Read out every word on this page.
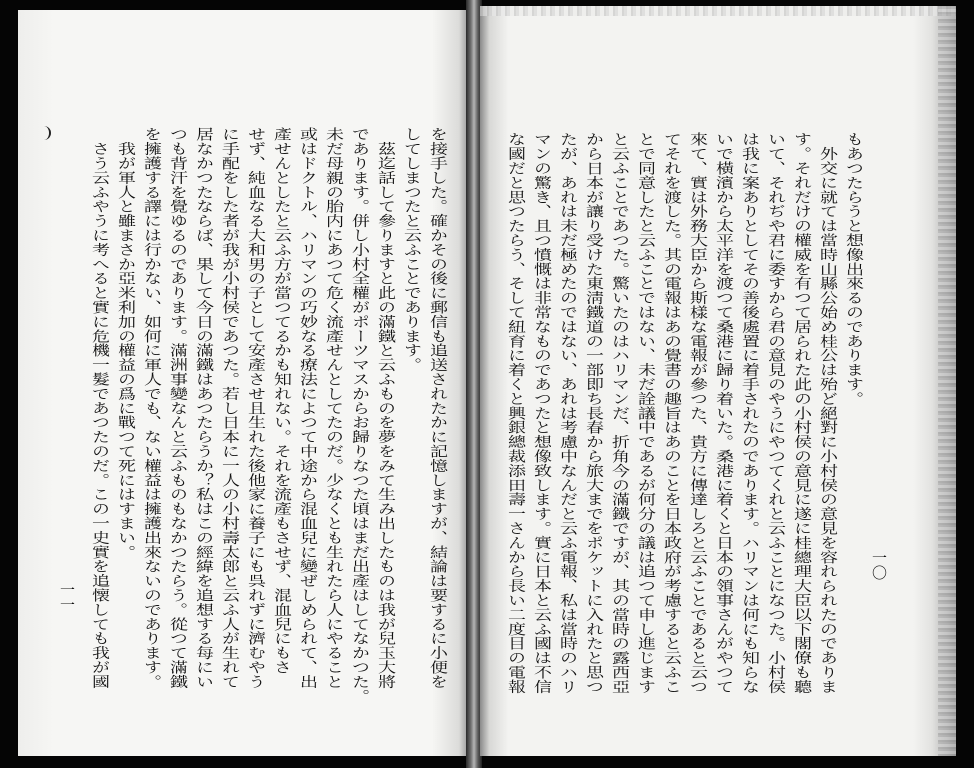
を接手した。確かその後に郵信も追送されたかに記憶しますが、結論は要するに小便を
してしまつたと云ふことであります。
茲迄話して參りますと此の滿鐵と云ふものを夢をみて生み出したものは我が兒玉大將
であります。併し小村全權がポーツマスからお歸りなつた頃はまだ出產はしてなかつた。
未だ母親の胎内にあつて危く流產せんとしてたのだ。少なくとも生れたら人にやること
或はドクトル、ハリマンの巧妙なる療法によつて中途から混血兒に變ぜしめられて、出
產せんとしたと云ふ方が當つてるかも知れない。それを流產もさせず、混血兒にもさ
せず、純血なる大和男の子として安產させ且生れた後他家に養子にも呉れずに濟むやう
に手配をした者が我が小村侯であつた。若し日本に一人の小村壽太郎と云ふ人が生れて
居なかつたならば、果して今日の滿鐵はあつたらうか？私はこの經緯を追想する每にい
つも背汗を覺ゆるのであります。滿洲事變なんと云ふものもなかつたらう。從つて滿鐵
を擁護する譯には行かない、如何に軍人でも、ない權益は擁護出來ないのであります。
我が軍人と雖まさか亞米利加の權益の爲に戰つて死にはすまい。
さう云ふやうに考へると實に危機一髮であつたのだ。この一史實を追懐しても我が國
一一
もあつたらうと想像出來るのであります。
外交に就ては當時山縣公始め桂公は殆ど絕對に小村侯の意見を容れられたのでありま
す。それだけの權威を有つて居られた此の小村侯の意見に遂に桂總理大臣以下閣僚も聽
いて、それぢや君に委すから君の意見のやうにやつてくれと云ふことになつた。小村侯
は我に案ありとしてその善後處置に着手されたのであります。ハリマンは何にも知らな
いで橫濱から太平洋を渡つて桑港に歸り着いた。桑港に着くと日本の領事さんがやつて
來て、實は外務大臣から斯樣な電報が參つた、貴方に傳達しろと云ふことであると云つ
てそれを渡した。其の電報はあの覺書の趣旨はあのことを日本政府が考慮すると云ふこ
とで同意したと云ふことではない、未だ詮議中であるが何分の議は追つて申し進じます
と云ふことであつた。驚いたのはハリマンだ、折角今の滿鐵ですが、其の當時の露西亞
から日本が讓り受けた東淸鐵道の一部即ち長春から旅大までをポケットに入れたと思つ
たが、あれは未だ極めたのではない、あれは考慮中なんだと云ふ電報、私は當時のハリ
マンの驚き、且つ憤慨は非常なものであつたと想像致します。實に日本と云ふ國は不信
な國だと思つたらう、そして紐育に着くと興銀總裁添田壽一さんから長い二度目の電報	一〇
